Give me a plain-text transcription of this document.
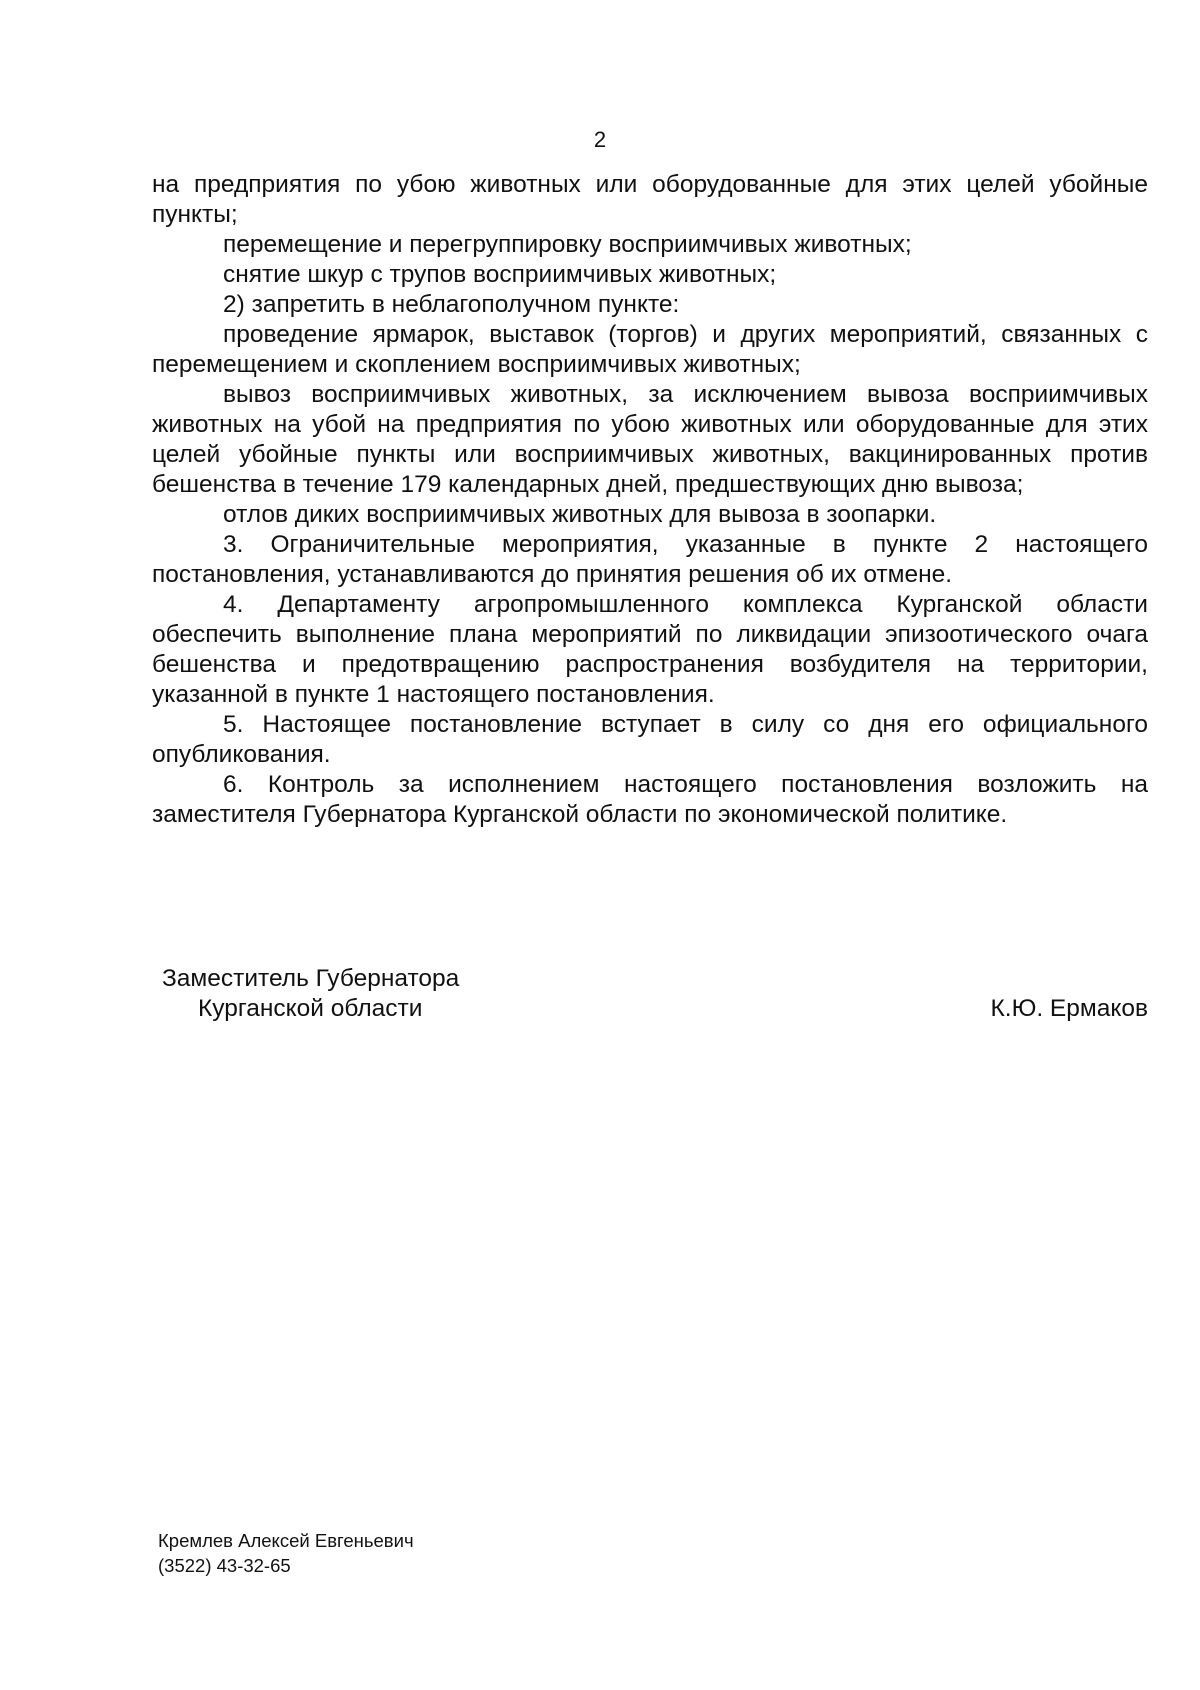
2

на предприятия по убою животных или оборудованные для этих целей убойные пункты;

перемещение и перегруппировку восприимчивых животных;

снятие шкур с трупов восприимчивых животных;

2) запретить в неблагополучном пункте:

проведение ярмарок, выставок (торгов) и других мероприятий, связанных с перемещением и скоплением восприимчивых животных;

вывоз восприимчивых животных, за исключением вывоза восприимчивых животных на убой на предприятия по убою животных или оборудованные для этих целей убойные пункты или восприимчивых животных, вакцинированных против бешенства в течение 179 календарных дней, предшествующих дню вывоза;

отлов диких восприимчивых животных для вывоза в зоопарки.

3. Ограничительные мероприятия, указанные в пункте 2 настоящего постановления, устанавливаются до принятия решения об их отмене.

4. Департаменту агропромышленного комплекса Курганской области обеспечить выполнение плана мероприятий по ликвидации эпизоотического очага бешенства и предотвращению распространения возбудителя на территории, указанной в пункте 1 настоящего постановления.

5. Настоящее постановление вступает в силу со дня его официального опубликования.

6. Контроль за исполнением настоящего постановления возложить на заместителя Губернатора Курганской области по экономической политике.

Заместитель Губернатора
Курганской области	К.Ю. Ермаков
Кремлев Алексей Евгеньевич
(3522) 43-32-65
